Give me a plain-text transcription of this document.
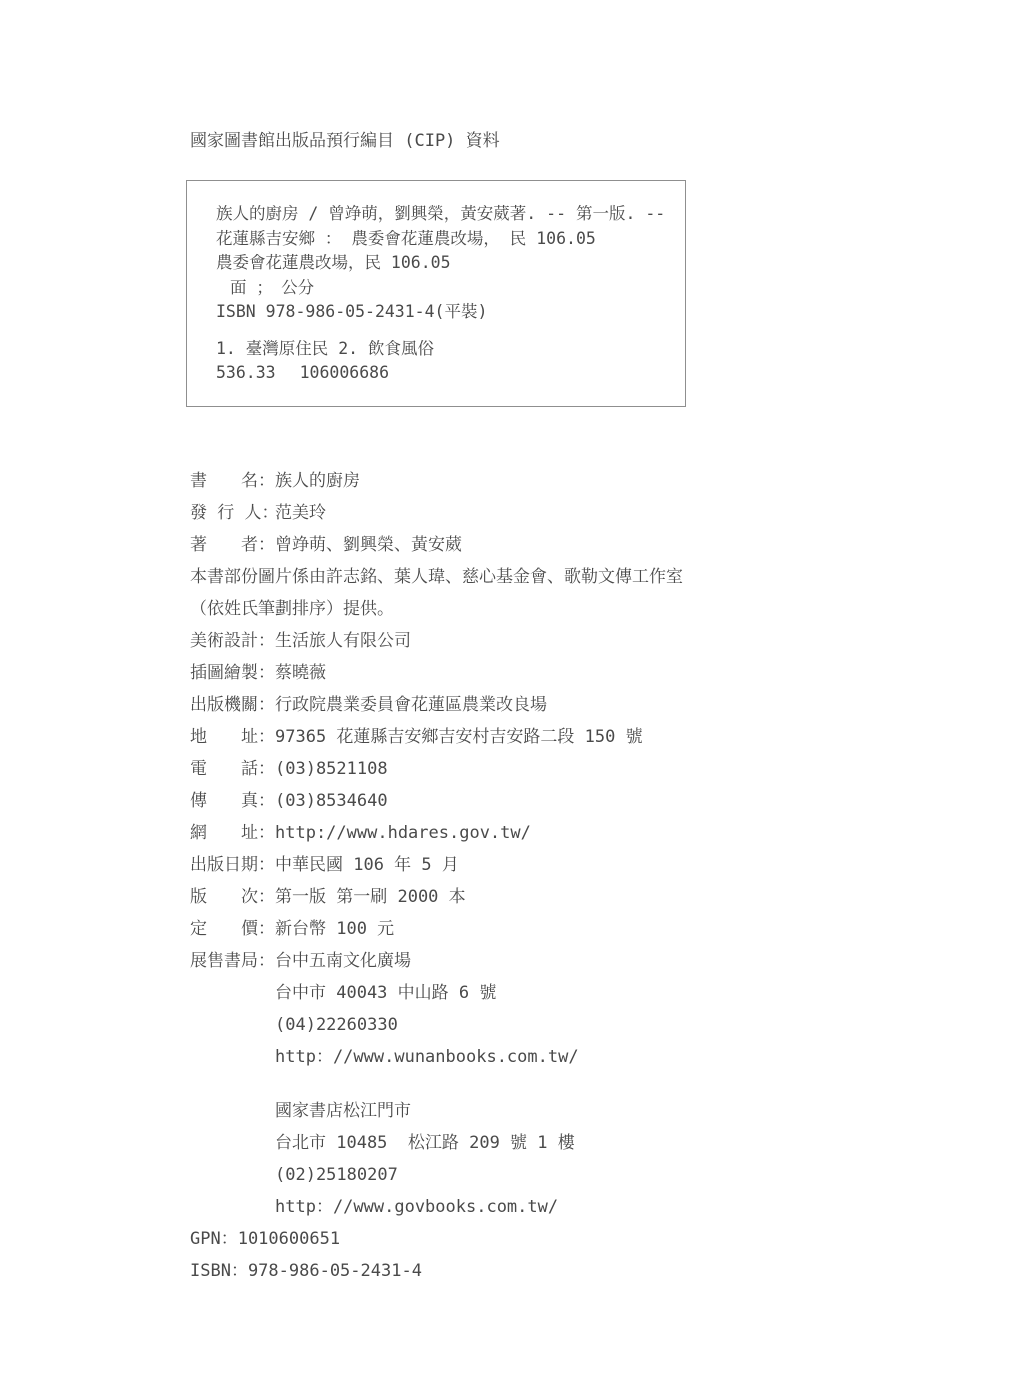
國家圖書館出版品預行編目 (CIP) 資料
族人的廚房 / 曾竫萌，劉興榮，黃安葳著. -- 第一版. --
花蓮縣吉安鄉 ： 農委會花蓮農改場， 民 106.05
農委會花蓮農改場，民 106.05
面 ；　公分
ISBN 978-986-05-2431-4(平裝)
1. 臺灣原住民 2. 飲食風俗
536.33 106006686
書　　名：族人的廚房
發 行 人：范美玲
著　　者：曾竫萌、劉興榮、黃安葳
本書部份圖片係由許志銘、葉人瑋、慈心基金會、歌勒文傳工作室
（依姓氏筆劃排序）提供。
美術設計：生活旅人有限公司
插圖繪製：蔡曉薇
出版機關：行政院農業委員會花蓮區農業改良場
地　　址：97365 花蓮縣吉安鄉吉安村吉安路二段 150 號
電　　話：(03)8521108
傳　　真：(03)8534640
網　　址：http://www.hdares.gov.tw/
出版日期：中華民國 106 年 5 月
版　　次：第一版 第一刷 2000 本
定　　價：新台幣 100 元
展售書局：台中五南文化廣場
台中市 40043 中山路 6 號
(04)22260330
http：//www.wunanbooks.com.tw/
國家書店松江門市
台北市 10485  松江路 209 號 1 樓
(02)25180207
http：//www.govbooks.com.tw/
GPN：1010600651
ISBN：978-986-05-2431-4
